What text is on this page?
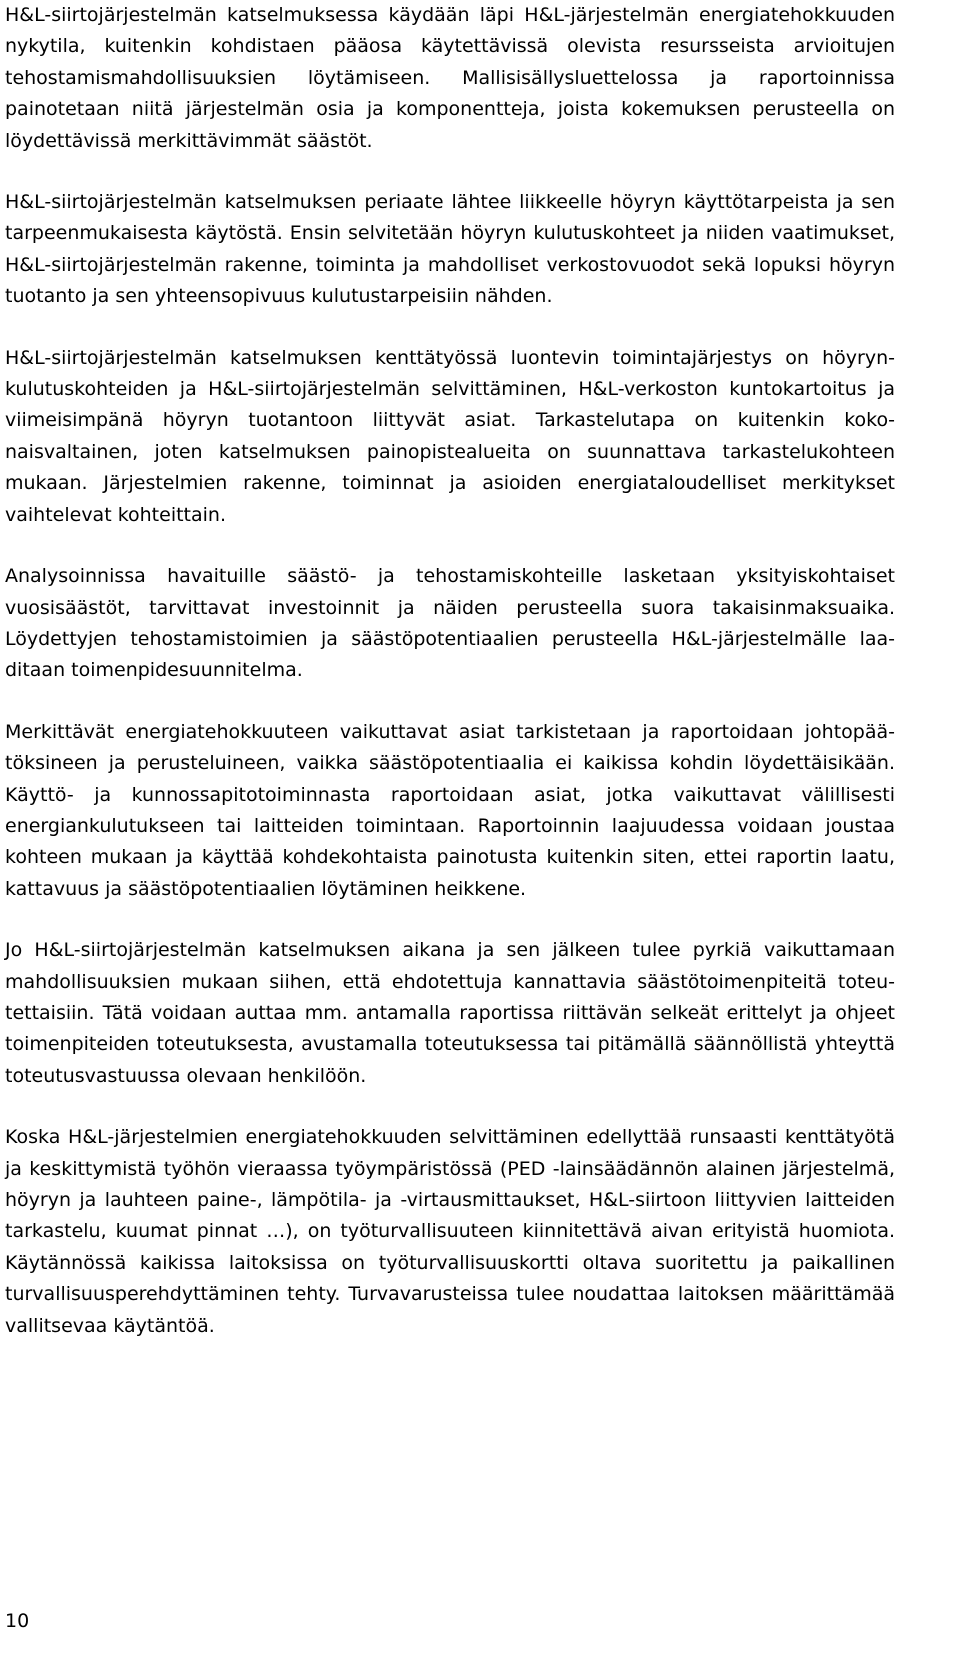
H&L-siirtojärjestelmän katselmuksessa käydään läpi H&L-järjestelmän energiatehokkuuden nykytila, kuitenkin kohdistaen pääosa käytettävissä olevista resursseista arvioitujen tehostamismahdollisuuksien löytämiseen. Mallisisällysluettelossa ja raportoinnissa painotetaan niitä järjestelmän osia ja komponentteja, joista kokemuksen perusteella on löydettävissä merkittävimmät säästöt.

H&L-siirtojärjestelmän katselmuksen periaate lähtee liikkeelle höyryn käyttötarpeista ja sen tarpeenmukaisesta käytöstä. Ensin selvitetään höyryn kulutuskohteet ja niiden vaatimukset, H&L-siirtojärjestelmän rakenne, toiminta ja mahdolliset verkostovuodot sekä lopuksi höyryn tuotanto ja sen yhteensopivuus kulutustarpeisiin nähden.

H&L-siirtojärjestelmän katselmuksen kenttätyössä luontevin toimintajärjestys on höyrynkulutuskohteiden ja H&L-siirtojärjestelmän selvittäminen, H&L-verkoston kuntokartoitus ja viimeisimpänä höyryn tuotantoon liittyvät asiat. Tarkastelutapa on kuitenkin kokonaisvaltainen, joten katselmuksen painopistealueita on suunnattava tarkastelukohteen mukaan. Järjestelmien rakenne, toiminnat ja asioiden energiataloudelliset merkitykset vaihtelevat kohteittain.

Analysoinnissa havaituille säästö- ja tehostamiskohteille lasketaan yksityiskohtaiset vuosisäästöt, tarvittavat investoinnit ja näiden perusteella suora takaisinmaksuaika. Löydettyjen tehostamistoimien ja säästöpotentiaalien perusteella H&L-järjestelmälle laaditaan toimenpidesuunnitelma.

Merkittävät energiatehokkuuteen vaikuttavat asiat tarkistetaan ja raportoidaan johtopäätöksineen ja perusteluineen, vaikka säästöpotentiaalia ei kaikissa kohdin löydettäisikään. Käyttö- ja kunnossapitotoiminnasta raportoidaan asiat, jotka vaikuttavat välillisesti energiankulutukseen tai laitteiden toimintaan. Raportoinnin laajuudessa voidaan joustaa kohteen mukaan ja käyttää kohdekohtaista painotusta kuitenkin siten, ettei raportin laatu, kattavuus ja säästöpotentiaalien löytäminen heikkene.

Jo H&L-siirtojärjestelmän katselmuksen aikana ja sen jälkeen tulee pyrkiä vaikuttamaan mahdollisuuksien mukaan siihen, että ehdotettuja kannattavia säästötoimenpiteitä toteutettaisiin. Tätä voidaan auttaa mm. antamalla raportissa riittävän selkeät erittelyt ja ohjeet toimenpiteiden toteutuksesta, avustamalla toteutuksessa tai pitämällä säännöllistä yhteyttä toteutusvastuussa olevaan henkilöön.

Koska H&L-järjestelmien energiatehokkuuden selvittäminen edellyttää runsaasti kenttätyötä ja keskittymistä työhön vieraassa työympäristössä (PED -lainsäädännön alainen järjestelmä, höyryn ja lauhteen paine-, lämpötila- ja -virtausmittaukset, H&L-siirtoon liittyvien laitteiden tarkastelu, kuumat pinnat …), on työturvallisuuteen kiinnitettävä aivan erityistä huomiota. Käytännössä kaikissa laitoksissa on työturvallisuuskortti oltava suoritettu ja paikallinen turvallisuusperehdyttäminen tehty. Turvavarusteissa tulee noudattaa laitoksen määrittämää vallitsevaa käytäntöä.

10
